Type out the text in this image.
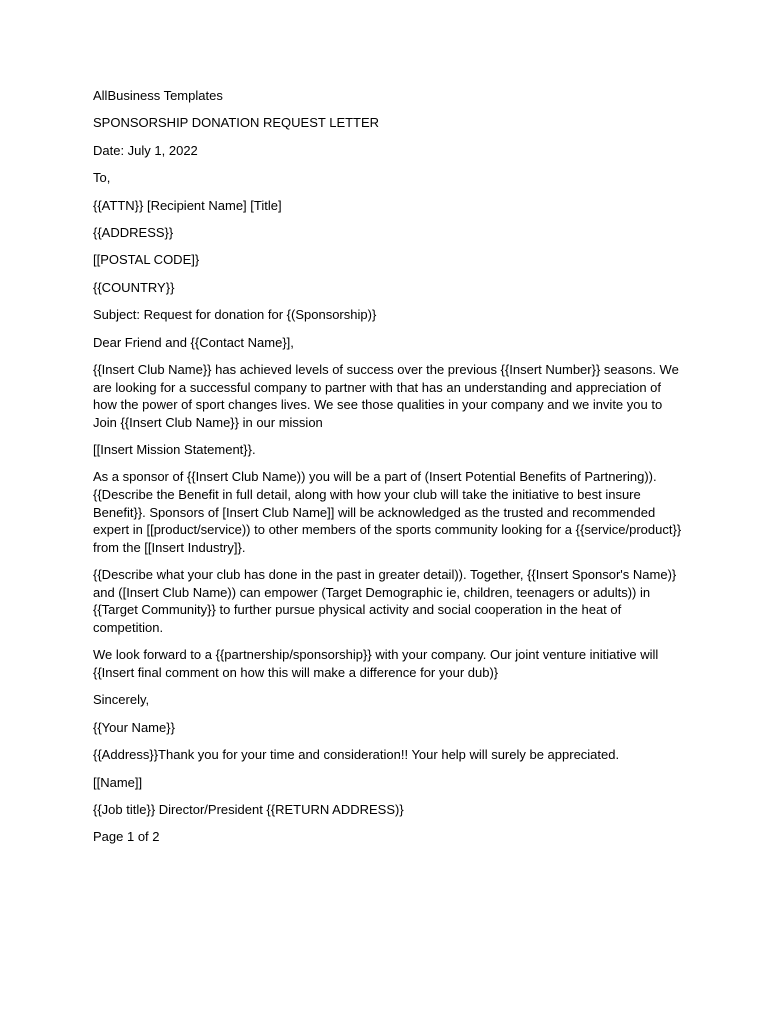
AllBusiness Templates

SPONSORSHIP DONATION REQUEST LETTER

Date: July 1, 2022

To,

{{ATTN}} [Recipient Name] [Title]

{{ADDRESS}}

[[POSTAL CODE]}

{{COUNTRY}}

Subject: Request for donation for {(Sponsorship)}

Dear Friend and {{Contact Name}],

{{Insert Club Name}} has achieved levels of success over the previous {{Insert Number}} seasons. We are looking for a successful company to partner with that has an understanding and appreciation of how the power of sport changes lives. We see those qualities in your company and we invite you to Join {{Insert Club Name}} in our mission

[[Insert Mission Statement}}.

As a sponsor of {{Insert Club Name)) you will be a part of (Insert Potential Benefits of Partnering)). {{Describe the Benefit in full detail, along with how your club will take the initiative to best insure Benefit}}. Sponsors of [Insert Club Name]] will be acknowledged as the trusted and recommended expert in [[product/service)) to other members of the sports community looking for a {{service/product}} from the [[Insert Industry]}.

{{Describe what your club has done in the past in greater detail)). Together, {{Insert Sponsor's Name)} and ([Insert Club Name)) can empower (Target Demographic ie, children, teenagers or adults)) in {{Target Community}} to further pursue physical activity and social cooperation in the heat of competition.

We look forward to a {{partnership/sponsorship}} with your company. Our joint venture initiative will {{Insert final comment on how this will make a difference for your dub)}

Sincerely,

{{Your Name}}

{{Address}}Thank you for your time and consideration!! Your help will surely be appreciated.

[[Name]]

{{Job title}} Director/President {{RETURN ADDRESS)}

Page 1 of 2
